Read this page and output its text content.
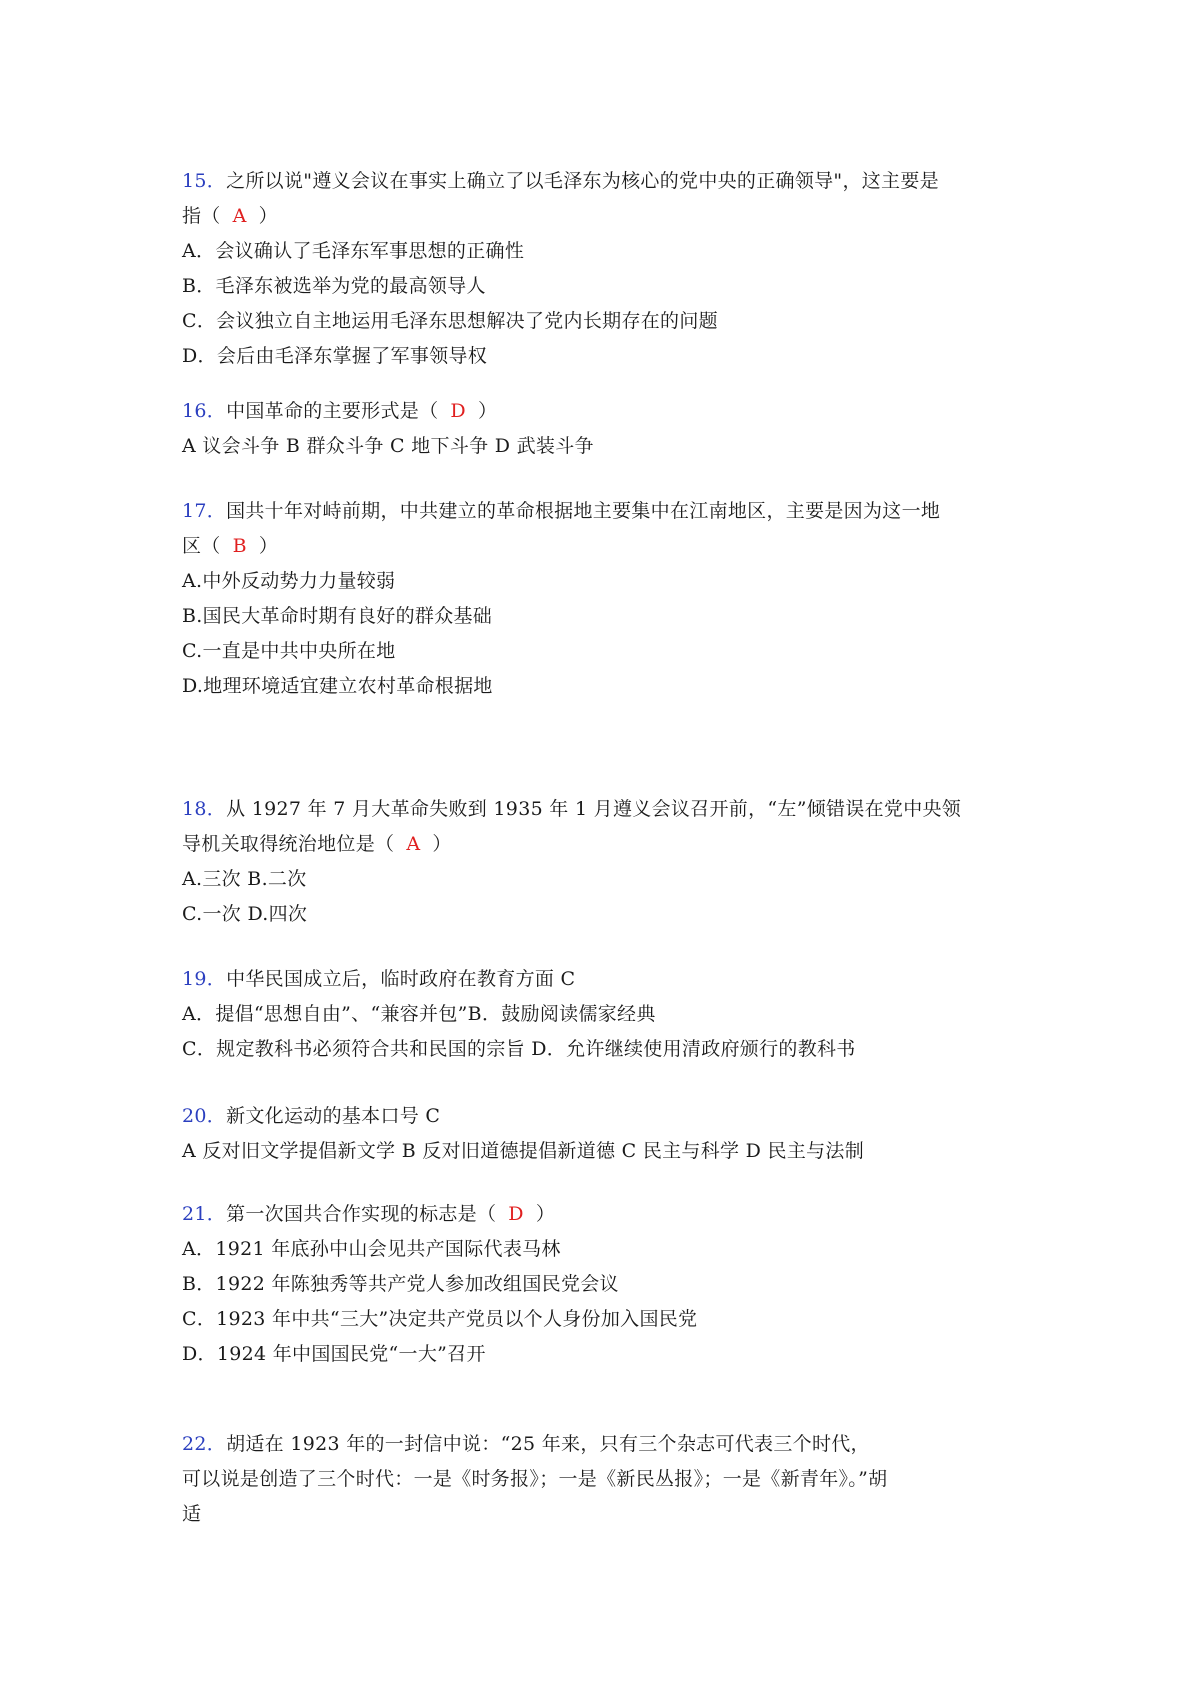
15．之所以说"遵义会议在事实上确立了以毛泽东为核心的党中央的正确领导"，这主要是
指（ A ）
A．会议确认了毛泽东军事思想的正确性
B．毛泽东被选举为党的最高领导人
C．会议独立自主地运用毛泽东思想解决了党内长期存在的问题
D．会后由毛泽东掌握了军事领导权
16．中国革命的主要形式是（ D ）
A 议会斗争 B 群众斗争 C 地下斗争 D 武装斗争
17．国共十年对峙前期，中共建立的革命根据地主要集中在江南地区，主要是因为这一地
区（ B ）
A.中外反动势力力量较弱
B.国民大革命时期有良好的群众基础
C.一直是中共中央所在地
D.地理环境适宜建立农村革命根据地
18．从 1927 年 7 月大革命失败到 1935 年 1 月遵义会议召开前，“左”倾错误在党中央领
导机关取得统治地位是（ A ）
A.三次 B.二次
C.一次 D.四次
19．中华民国成立后，临时政府在教育方面 C
A．提倡“思想自由”、“兼容并包”B．鼓励阅读儒家经典
C．规定教科书必须符合共和民国的宗旨 D．允许继续使用清政府颁行的教科书
20．新文化运动的基本口号 C
A 反对旧文学提倡新文学 B 反对旧道德提倡新道德 C 民主与科学 D 民主与法制
21．第一次国共合作实现的标志是（ D ）
A．1921 年底孙中山会见共产国际代表马林
B．1922 年陈独秀等共产党人参加改组国民党会议
C．1923 年中共“三大”决定共产党员以个人身份加入国民党
D．1924 年中国国民党“一大”召开
22．胡适在 1923 年的一封信中说：“25 年来，只有三个杂志可代表三个时代，
可以说是创造了三个时代：一是《时务报》；一是《新民丛报》；一是《新青年》。”胡
适
